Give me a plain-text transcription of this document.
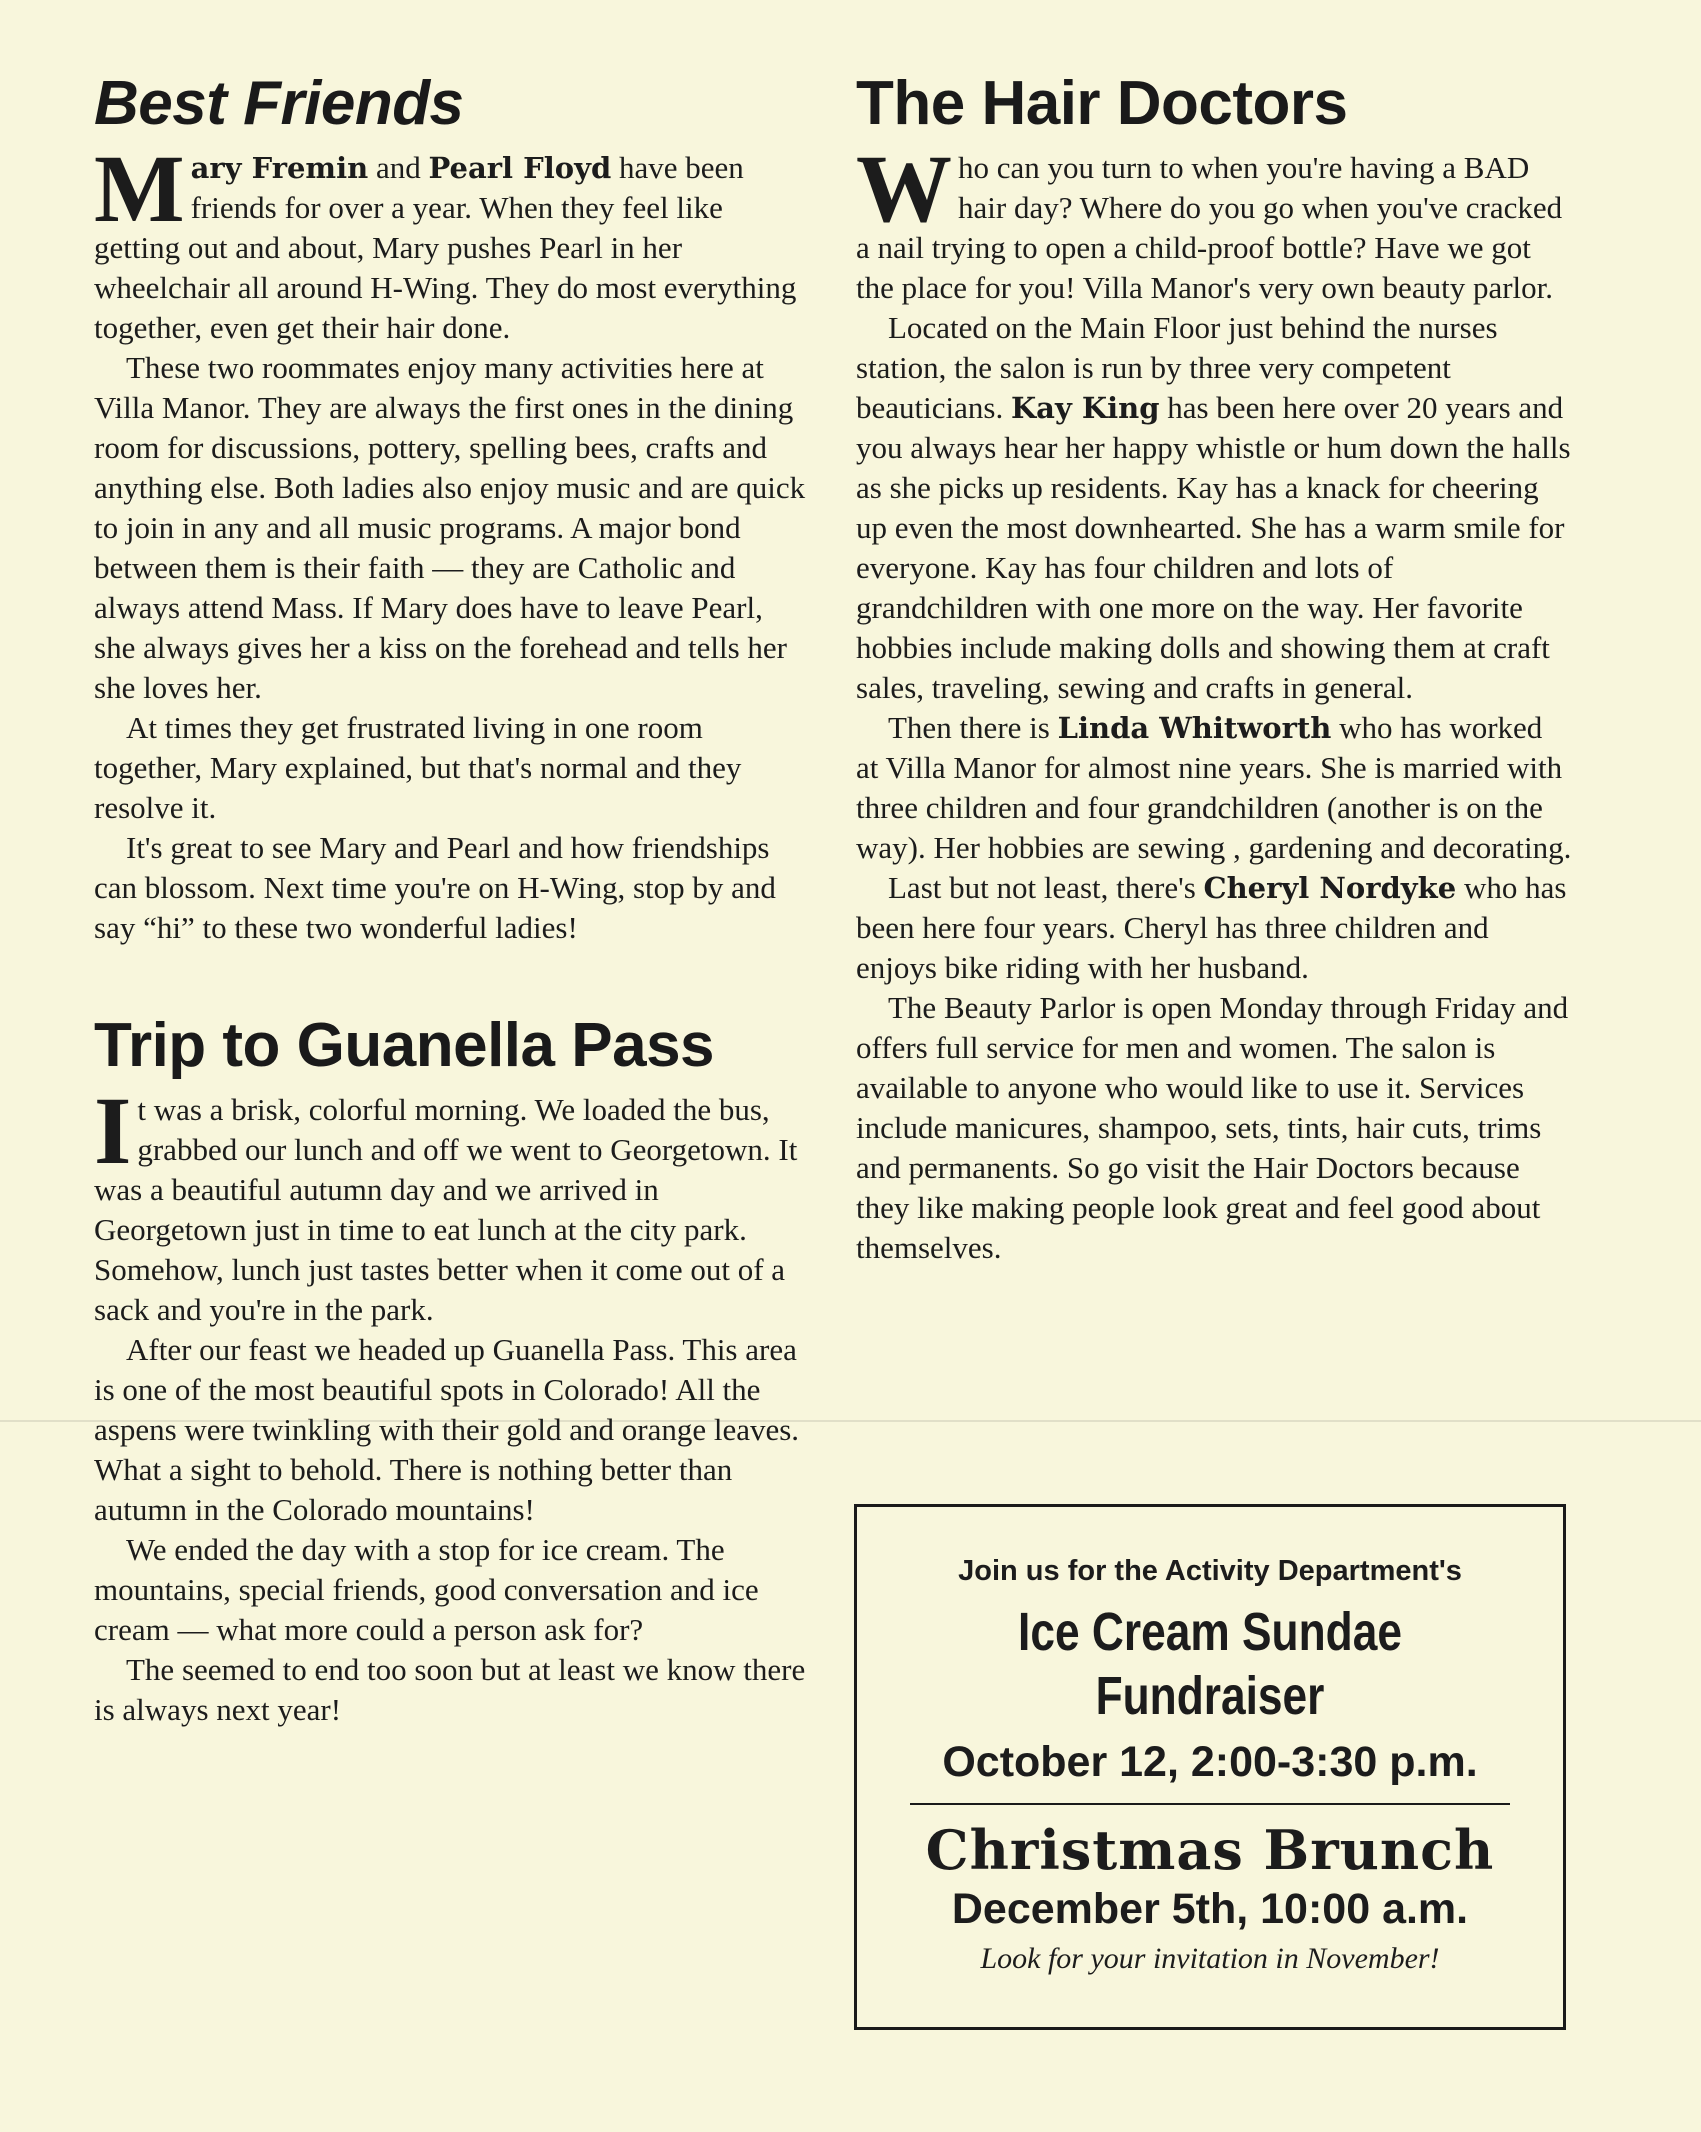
Best Friends

Mary Fremin and Pearl Floyd have been friends for over a year. When they feel like getting out and about, Mary pushes Pearl in her wheelchair all around H-Wing. They do most everything together, even get their hair done.

These two roommates enjoy many activities here at Villa Manor. They are always the first ones in the dining room for discussions, pottery, spelling bees, crafts and anything else. Both ladies also enjoy music and are quick to join in any and all music programs. A major bond between them is their faith — they are Catholic and always attend Mass. If Mary does have to leave Pearl, she always gives her a kiss on the forehead and tells her she loves her.

At times they get frustrated living in one room together, Mary explained, but that's normal and they resolve it.

It's great to see Mary and Pearl and how friendships can blossom. Next time you're on H-Wing, stop by and say “hi” to these two wonderful ladies!

Trip to Guanella Pass

It was a brisk, colorful morning. We loaded the bus, grabbed our lunch and off we went to Georgetown. It was a beautiful autumn day and we arrived in Georgetown just in time to eat lunch at the city park. Somehow, lunch just tastes better when it come out of a sack and you're in the park.

After our feast we headed up Guanella Pass. This area is one of the most beautiful spots in Colorado! All the aspens were twinkling with their gold and orange leaves. What a sight to behold. There is nothing better than autumn in the Colorado mountains!

We ended the day with a stop for ice cream. The mountains, special friends, good conversation and ice cream — what more could a person ask for?

The seemed to end too soon but at least we know there is always next year!

The Hair Doctors

Who can you turn to when you're having a BAD hair day? Where do you go when you've cracked a nail trying to open a child-proof bottle? Have we got the place for you! Villa Manor's very own beauty parlor.

Located on the Main Floor just behind the nurses station, the salon is run by three very competent beauticians. Kay King has been here over 20 years and you always hear her happy whistle or hum down the halls as she picks up residents. Kay has a knack for cheering up even the most downhearted. She has a warm smile for everyone. Kay has four children and lots of grandchildren with one more on the way. Her favorite hobbies include making dolls and showing them at craft sales, traveling, sewing and crafts in general.

Then there is Linda Whitworth who has worked at Villa Manor for almost nine years. She is married with three children and four grandchildren (another is on the way). Her hobbies are sewing , gardening and decorating.

Last but not least, there's Cheryl Nordyke who has been here four years. Cheryl has three children and enjoys bike riding with her husband.

The Beauty Parlor is open Monday through Friday and offers full service for men and women. The salon is available to anyone who would like to use it. Services include manicures, shampoo, sets, tints, hair cuts, trims and permanents. So go visit the Hair Doctors because they like making people look great and feel good about themselves.

Join us for the Activity Department's
Ice Cream Sundae
Fundraiser
October 12, 2:00-3:30 p.m.
Christmas Brunch
December 5th, 10:00 a.m.
Look for your invitation in November!
